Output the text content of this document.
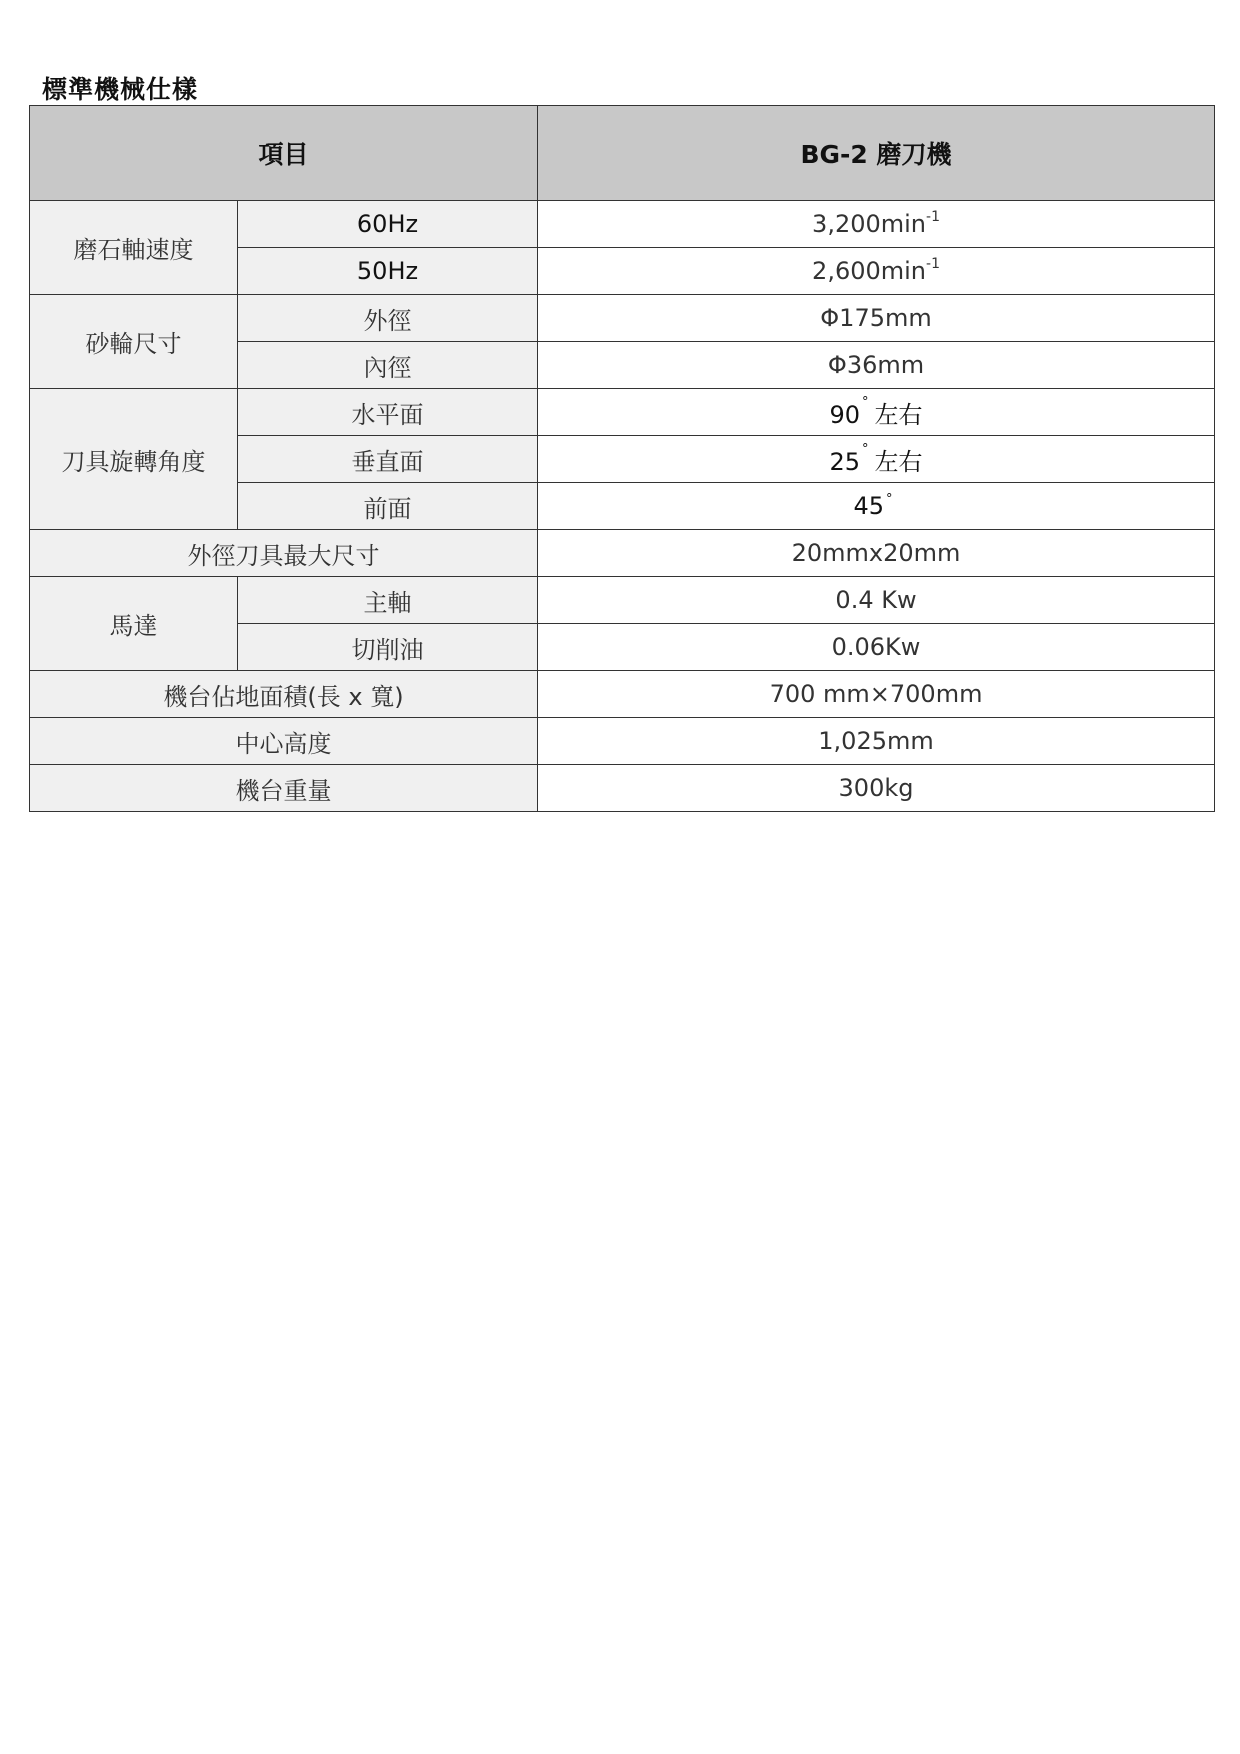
標準機械仕樣
項目		BG-2 磨刀機
磨石軸速度	60Hz	$3,200\min^{-1}$
	50Hz	$2,600\min^{-1}$
砂輪尺寸	外徑	Φ175mm
	內徑	Φ36mm
刀具旋轉角度	水平面	90 ° 左右
	垂直面	25 ° 左右
	前面	45 °
外徑刀具最大尺寸		20mmx20mm
馬達	主軸	0.4 Kw
	切削油	0.06Kw
機台佔地面積(長 x 寬)		700 mm×700mm
中心高度		1,025mm
機台重量		300kg
